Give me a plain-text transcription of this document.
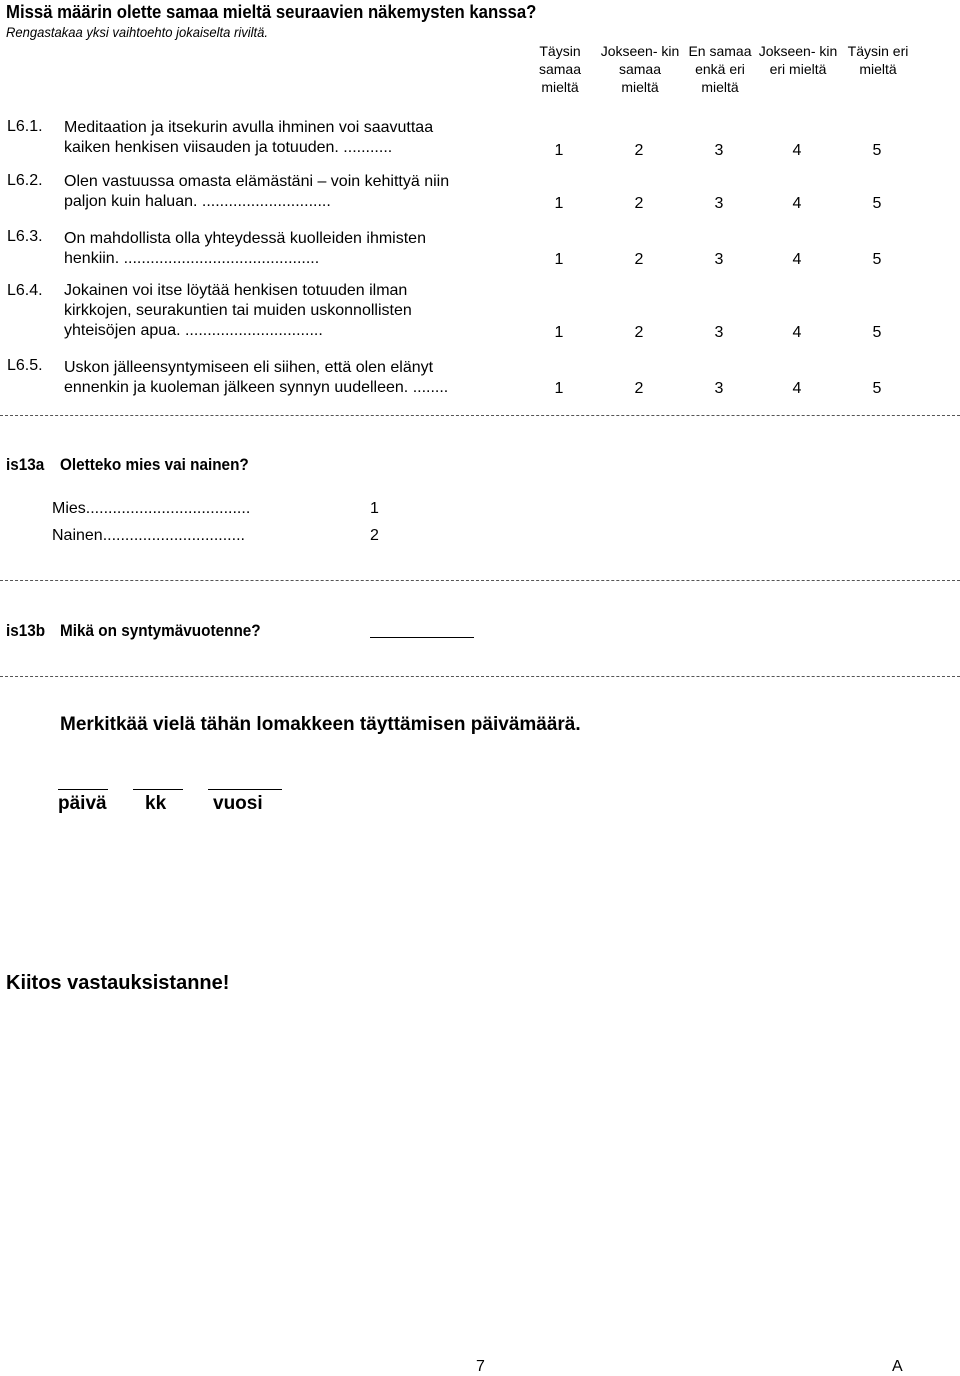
Missä määrin olette samaa mieltä seuraavien näkemysten kanssa?
Rengastakaa yksi vaihtoehto jokaiselta riviltä.
Täysin samaa mieltä
Jokseen- kin samaa mieltä
En samaa enkä eri mieltä
Jokseen- kin eri mieltä
Täysin eri mieltä
L6.1. Meditaation ja itsekurin avulla ihminen voi saavuttaa
kaiken henkisen viisauden ja totuuden. ...........	1	2	3	4	5
L6.2. Olen vastuussa omasta elämästäni – voin kehittyä niin
paljon kuin haluan. .............................	1	2	3	4	5
L6.3. On mahdollista olla yhteydessä kuolleiden ihmisten
henkiin. ............................................	1	2	3	4	5
L6.4. Jokainen voi itse löytää henkisen totuuden ilman
kirkkojen, seurakuntien tai muiden uskonnollisten
yhteisöjen apua. ...............................	1	2	3	4	5
L6.5. Uskon jälleensyntymiseen eli siihen, että olen elänyt
ennenkin ja kuoleman jälkeen synnyn uudelleen. ........	1	2	3	4	5
is13a Oletteko mies vai nainen?
Mies.....................................	1
Nainen................................	2
is13b Mikä on syntymävuotenne?
Merkitkää vielä tähän lomakkeen täyttämisen päivämäärä.
päivä kk vuosi
Kiitos vastauksistanne!
7	A
